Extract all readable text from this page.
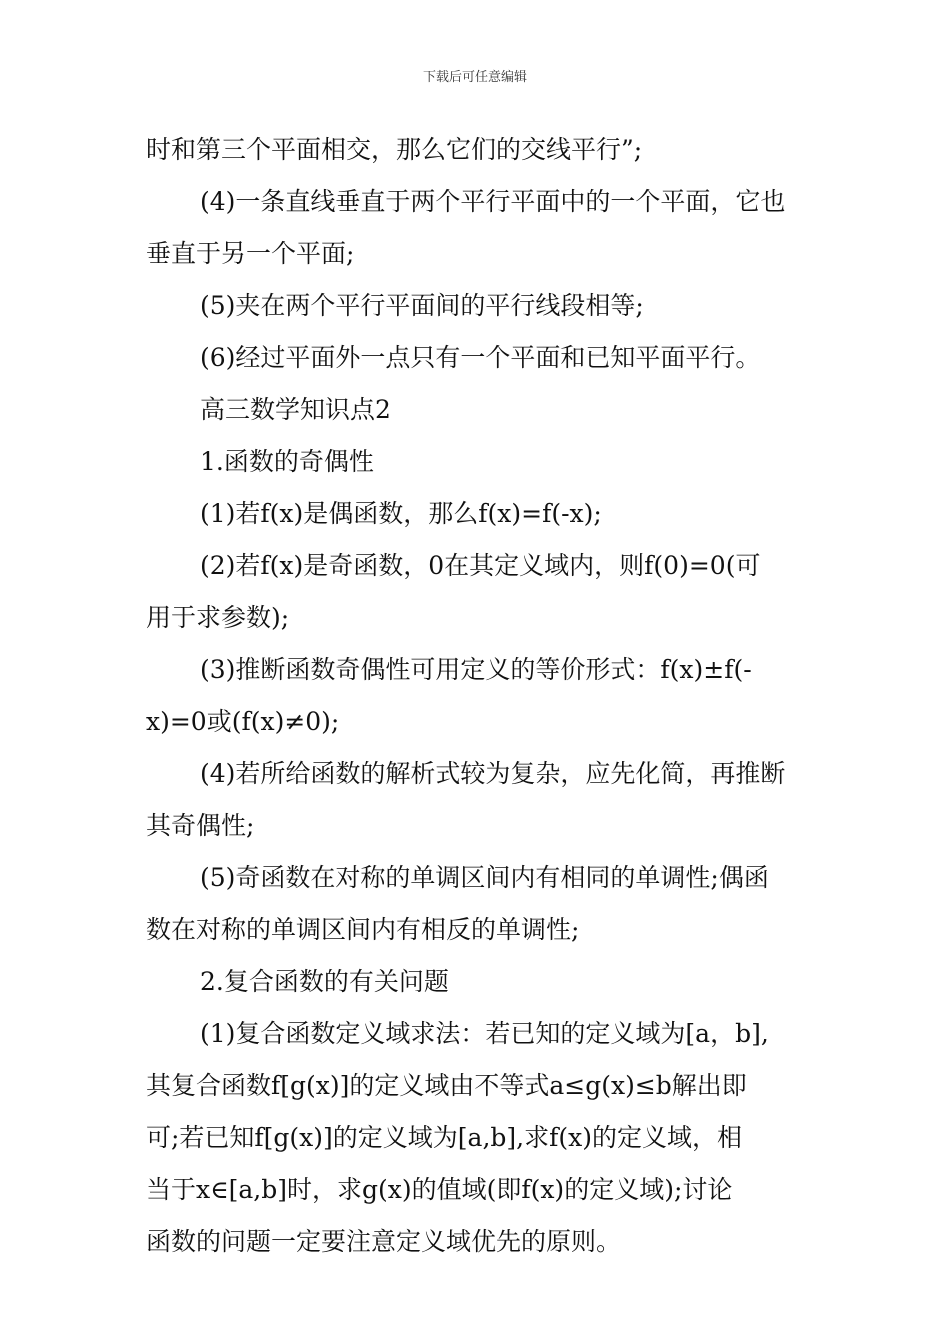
下载后可任意编辑
时和第三个平面相交，那么它们的交线平行”;
(4)一条直线垂直于两个平行平面中的一个平面，它也
垂直于另一个平面;
(5)夹在两个平行平面间的平行线段相等;
(6)经过平面外一点只有一个平面和已知平面平行。
高三数学知识点2
1.函数的奇偶性
(1)若f(x)是偶函数，那么f(x)=f(-x);
(2)若f(x)是奇函数，0在其定义域内，则f(0)=0(可
用于求参数);
(3)推断函数奇偶性可用定义的等价形式：f(x)±f(-
x)=0或(f(x)≠0);
(4)若所给函数的解析式较为复杂，应先化简，再推断
其奇偶性;
(5)奇函数在对称的单调区间内有相同的单调性;偶函
数在对称的单调区间内有相反的单调性;
2.复合函数的有关问题
(1)复合函数定义域求法：若已知的定义域为[a，b],
其复合函数f[g(x)]的定义域由不等式a≤g(x)≤b解出即
可;若已知f[g(x)]的定义域为[a,b],求f(x)的定义域，相
当于x∈[a,b]时，求g(x)的值域(即f(x)的定义域);讨论
函数的问题一定要注意定义域优先的原则。
